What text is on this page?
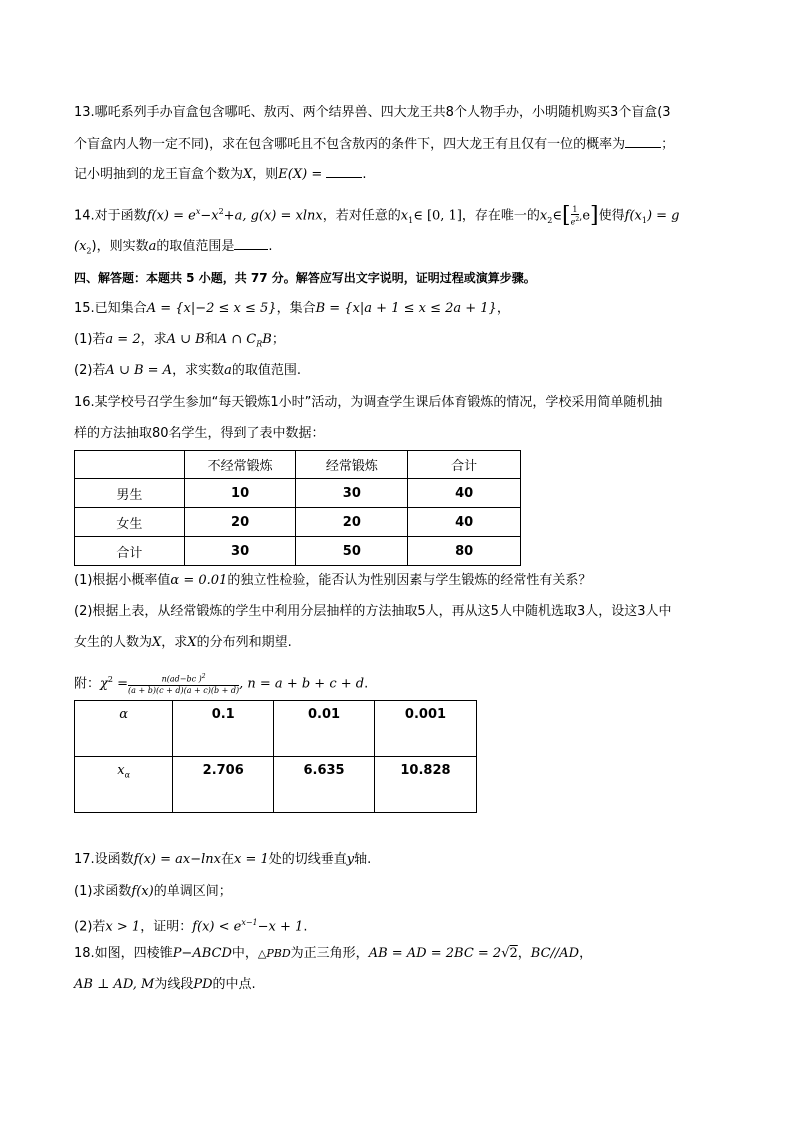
13.哪吒系列手办盲盒包含哪吒、敖丙、两个结界兽、四大龙王共8个人物手办，小明随机购买3个盲盒(3
个盲盒内人物一定不同)，求在包含哪吒且不包含敖丙的条件下，四大龙王有且仅有一位的概率为	；
记小明抽到的龙王盲盒个数为X，则E(X) =	.
14.对于函数$f(x) = e^x-x^2+a$, g(x) = xlnx，若对任意的$x_1\in$ [0, 1]，存在唯一的$x_2\in[ \frac{1}{e^2} ,e]$使得$f(x_1) = g$
$(x_2)$，则实数a的取值范围是	.
四、解答题：本题共 5 小题，共 77 分。解答应写出文字说明，证明过程或演算步骤。
15.已知集合A = {x|−2 ≤ x ≤ 5}，集合B = {x|a + 1 ≤ x ≤ 2a + 1}，
(1)若a = 2，求A ∪ B和A ∩ $C_RB$；
(2)若A ∪ B = A，求实数a的取值范围.
16.某学校号召学生参加“每天锻炼1小时”活动，为调查学生课后体育锻炼的情况，学校采用简单随机抽
样的方法抽取80名学生，得到了表中数据：
	不经常锻炼	经常锻炼	合计
男生	10	30	40
女生	20	20	40
合计	30	50	80
(1)根据小概率值α = 0.01的独立性检验，能否认为性别因素与学生锻炼的经常性有关系？
(2)根据上表，从经常锻炼的学生中利用分层抽样的方法抽取5人，再从这5人中随机选取3人，设这3人中
女生的人数为X，求X的分布列和期望.
附：$\chi^2 = \frac{n(ad-bc )^2}{(a + b)(c + d)(a + c)(b + d)}$ , n = a + b + c + d.
α	0.1	0.01	0.001
$x_\alpha$	2.706	6.635	10.828
17.设函数f(x) = ax−lnx在x = 1处的切线垂直y轴.
(1)求函数f(x)的单调区间；
(2)若x > 1，证明：$f(x) < e^{x-1}-x + 1$.
18.如图，四棱锥P−ABCD中，△PBD为正三角形，AB = AD = 2BC = 2√2，BC//AD，
AB ⊥ AD, M为线段PD的中点.
